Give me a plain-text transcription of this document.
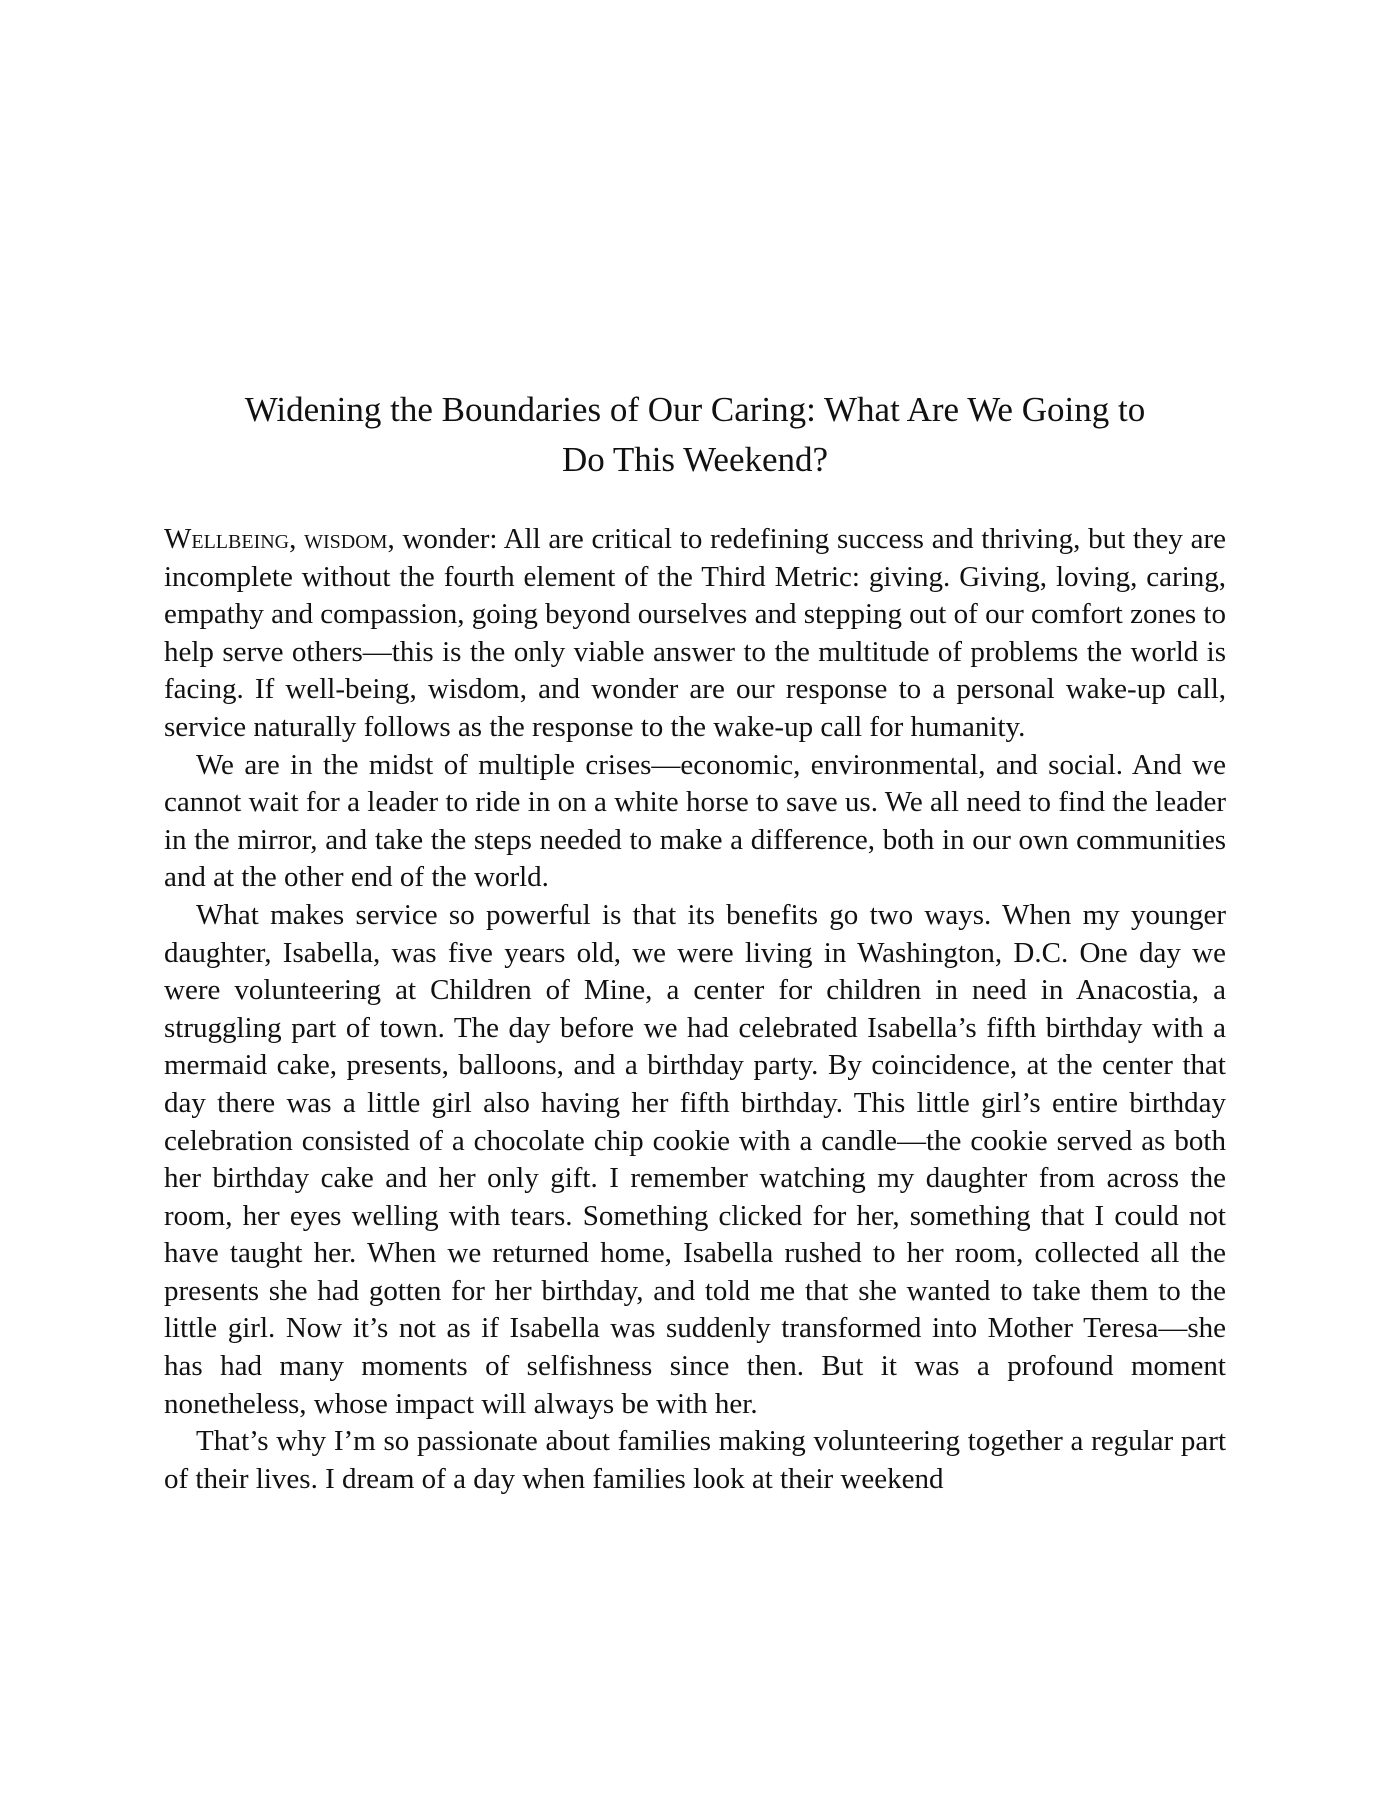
Widening the Boundaries of Our Caring: What Are We Going to
Do This Weekend?

Wellbeing, wisdom, wonder: All are critical to redefining success and thriving, but they are incomplete without the fourth element of the Third Metric: giving. Giving, loving, caring, empathy and compassion, going beyond ourselves and stepping out of our comfort zones to help serve others—this is the only viable answer to the multitude of problems the world is facing. If well-being, wisdom, and wonder are our response to a personal wake-up call, service naturally follows as the response to the wake-up call for humanity.

We are in the midst of multiple crises—economic, environmental, and social. And we cannot wait for a leader to ride in on a white horse to save us. We all need to find the leader in the mirror, and take the steps needed to make a difference, both in our own communities and at the other end of the world.

What makes service so powerful is that its benefits go two ways. When my younger daughter, Isabella, was five years old, we were living in Washington, D.C. One day we were volunteering at Children of Mine, a center for children in need in Anacostia, a struggling part of town. The day before we had celebrated Isabella’s fifth birthday with a mermaid cake, presents, balloons, and a birthday party. By coincidence, at the center that day there was a little girl also having her fifth birthday. This little girl’s entire birthday celebration consisted of a chocolate chip cookie with a candle—the cookie served as both her birthday cake and her only gift. I remember watching my daughter from across the room, her eyes welling with tears. Something clicked for her, something that I could not have taught her. When we returned home, Isabella rushed to her room, collected all the presents she had gotten for her birthday, and told me that she wanted to take them to the little girl. Now it’s not as if Isabella was suddenly transformed into Mother Teresa—she has had many moments of selfishness since then. But it was a profound moment nonetheless, whose impact will always be with her.

That’s why I’m so passionate about families making volunteering together a regular part of their lives. I dream of a day when families look at their weekend
